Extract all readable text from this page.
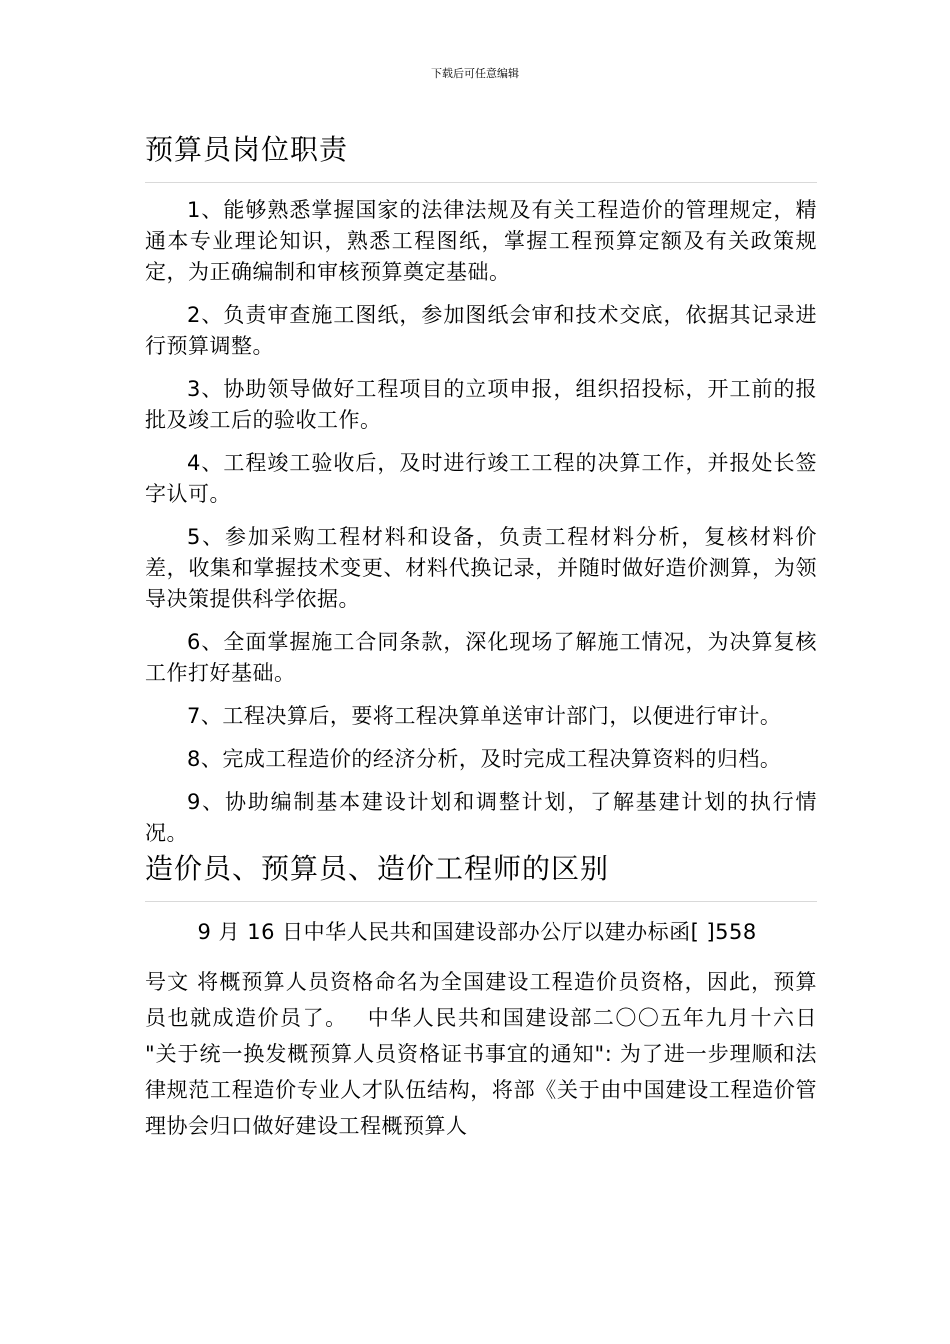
下载后可任意编辑
预算员岗位职责

1、能够熟悉掌握国家的法律法规及有关工程造价的管理规定，精通本专业理论知识，熟悉工程图纸，掌握工程预算定额及有关政策规定，为正确编制和审核预算奠定基础。

2、负责审查施工图纸，参加图纸会审和技术交底，依据其记录进行预算调整。

3、协助领导做好工程项目的立项申报，组织招投标，开工前的报批及竣工后的验收工作。

4、工程竣工验收后，及时进行竣工工程的决算工作，并报处长签字认可。

5、参加采购工程材料和设备，负责工程材料分析，复核材料价差，收集和掌握技术变更、材料代换记录，并随时做好造价测算，为领导决策提供科学依据。

6、全面掌握施工合同条款，深化现场了解施工情况，为决算复核工作打好基础。

7、工程决算后，要将工程决算单送审计部门，以便进行审计。

8、完成工程造价的经济分析，及时完成工程决算资料的归档。

9、协助编制基本建设计划和调整计划，了解基建计划的执行情况。

造价员、预算员、造价工程师的区别
9 月 16 日中华人民共和国建设部办公厅以建办标函[ ]558
号文 将概预算人员资格命名为全国建设工程造价员资格，因此，预算员也就成造价员了。　 中华人民共和国建设部二〇〇五年九月十六日 "关于统一换发概预算人员资格证书事宜的通知": 为了进一步理顺和法律规范工程造价专业人才队伍结构，将部《关于由中国建设工程造价管理协会归口做好建设工程概预算人
